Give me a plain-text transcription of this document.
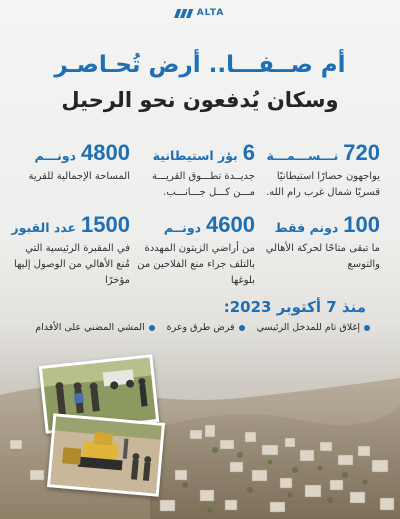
ALTA
أم صــفـــا.. أرض تُحـاصـر
وسكان يُدفعون نحو الرحيل
720
نـــســـمـــة
يواجهون حصارًا استيطانيًا قسريًا شمال غرب رام الله.
6
بؤر استيطانية
جديــدة تطـــوق القريـــة مـــن كـــل جـــانـــب.
4800
دونـــم
المساحة الإجمالية للقرية
100
دونم فقط
ما تبقى متاحًا لحركة الأهالي والتوسع
4600
دونــم
من أراضي الزيتون المهددة بالتلف جراء منع الفلاحين من بلوغها
1500
عدد القبور
في المقبرة الرئيسية التي مُنع الأهالي من الوصول إليها مؤخرًا
منذ 7 أكتوبر 2023:
إغلاق تام للمدخل الرئيسي
فرض طرق وعرة
المشي المضني على الأقدام
